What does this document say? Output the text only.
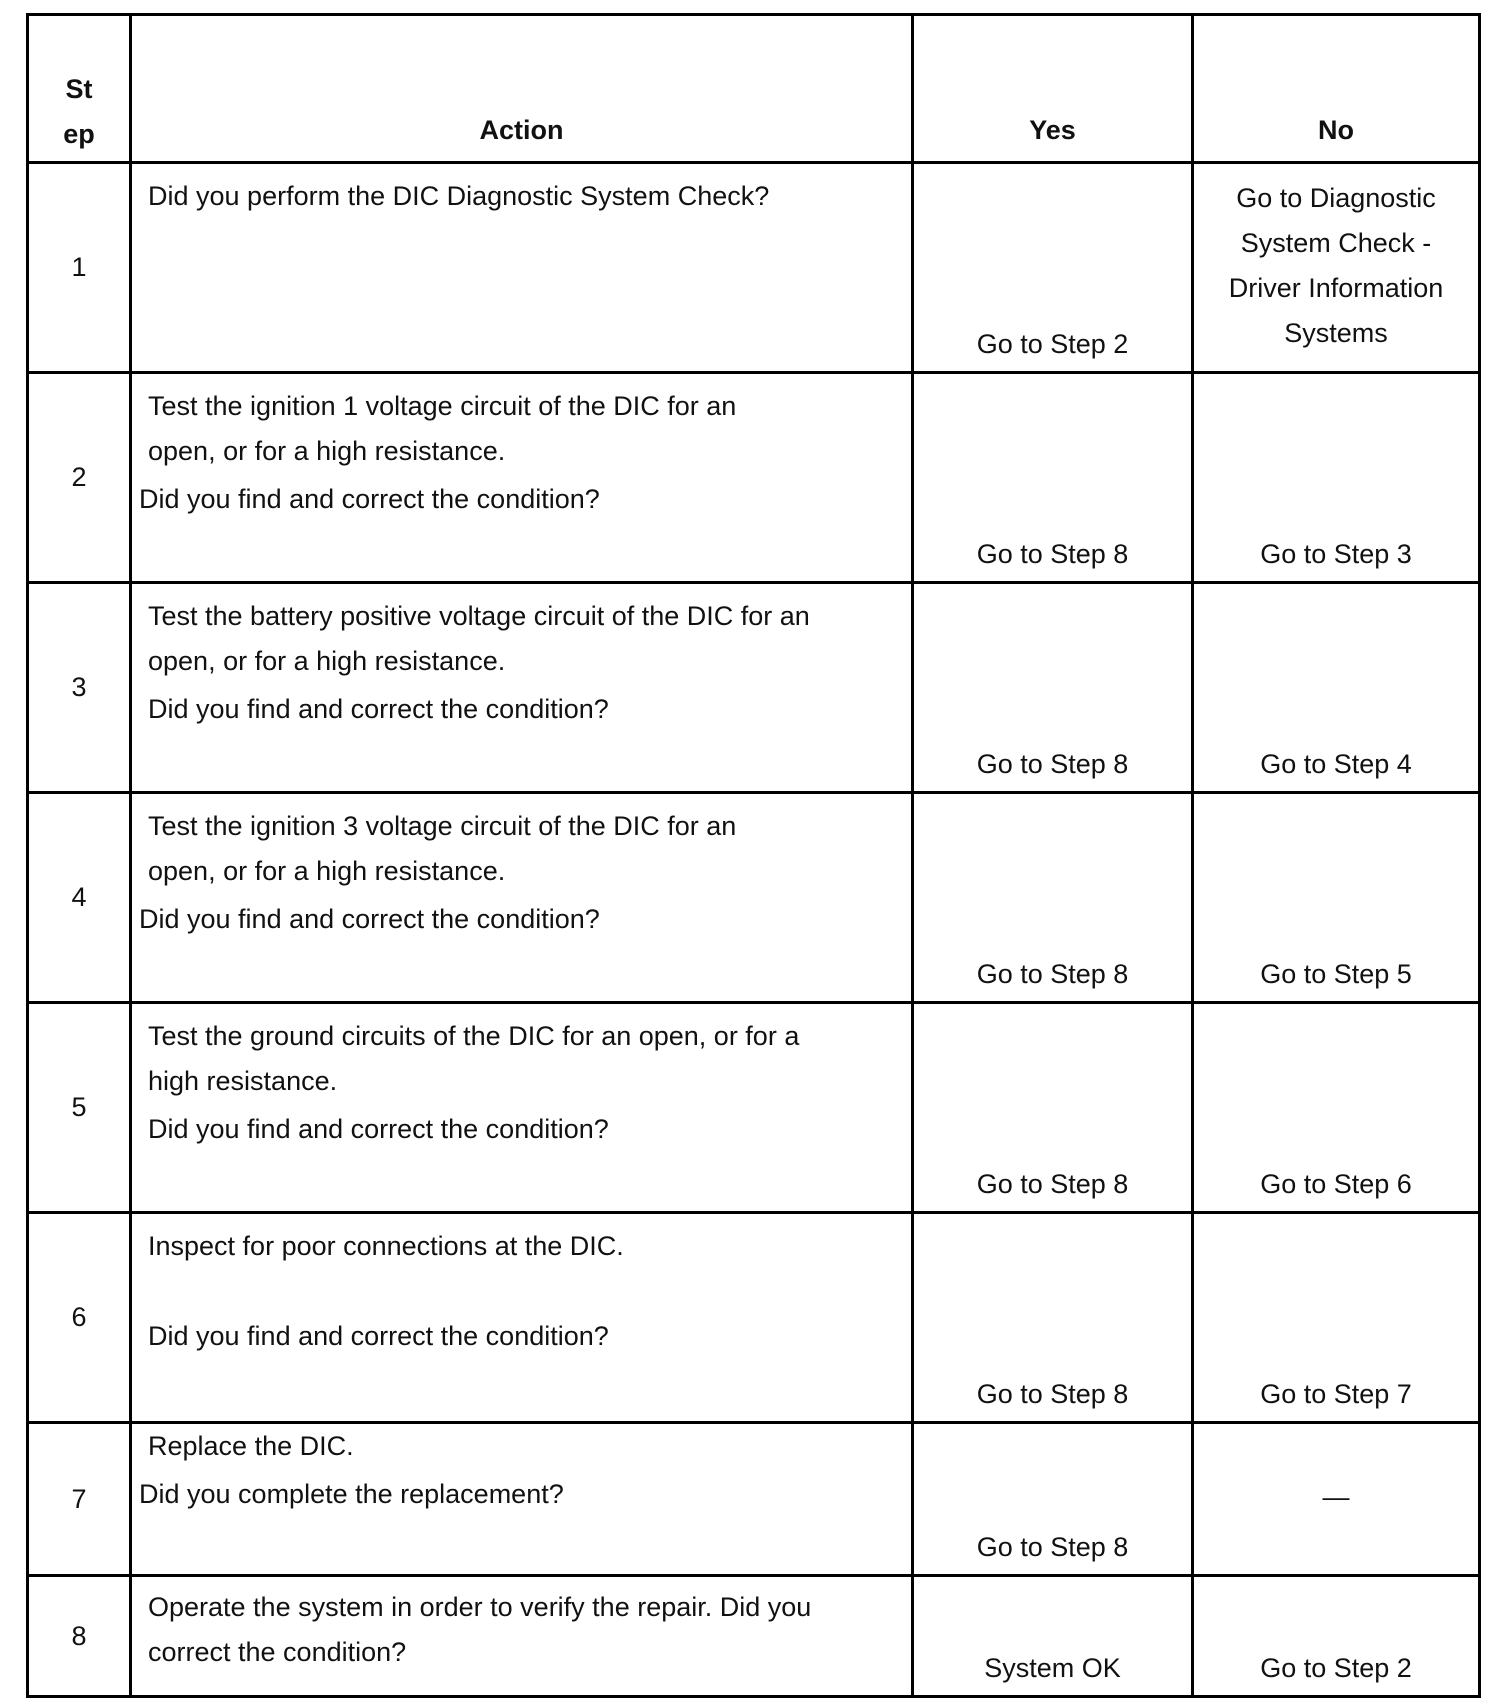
St
ep	Action	Yes	No
1	Did you perform the DIC Diagnostic System Check?	Go to Step 2	Go to Diagnostic
System Check -
Driver Information
Systems

2	Test the ignition 1 voltage circuit of the DIC for an
open, or for a high resistance.
Did you find and correct the condition?	Go to Step 8	Go to Step 3
3	Test the battery positive voltage circuit of the DIC for an
open, or for a high resistance.
Did you find and correct the condition?	Go to Step 8	Go to Step 4
4	Test the ignition 3 voltage circuit of the DIC for an
open, or for a high resistance.
Did you find and correct the condition?	Go to Step 8	Go to Step 5
5	Test the ground circuits of the DIC for an open, or for a
high resistance.
Did you find and correct the condition?	Go to Step 8	Go to Step 6
6	Inspect for poor connections at the DIC.
Did you find and correct the condition?	Go to Step 8	Go to Step 7
7	Replace the DIC.
Did you complete the replacement?	Go to Step 8	—
8	Operate the system in order to verify the repair. Did you
correct the condition?	System OK	Go to Step 2
